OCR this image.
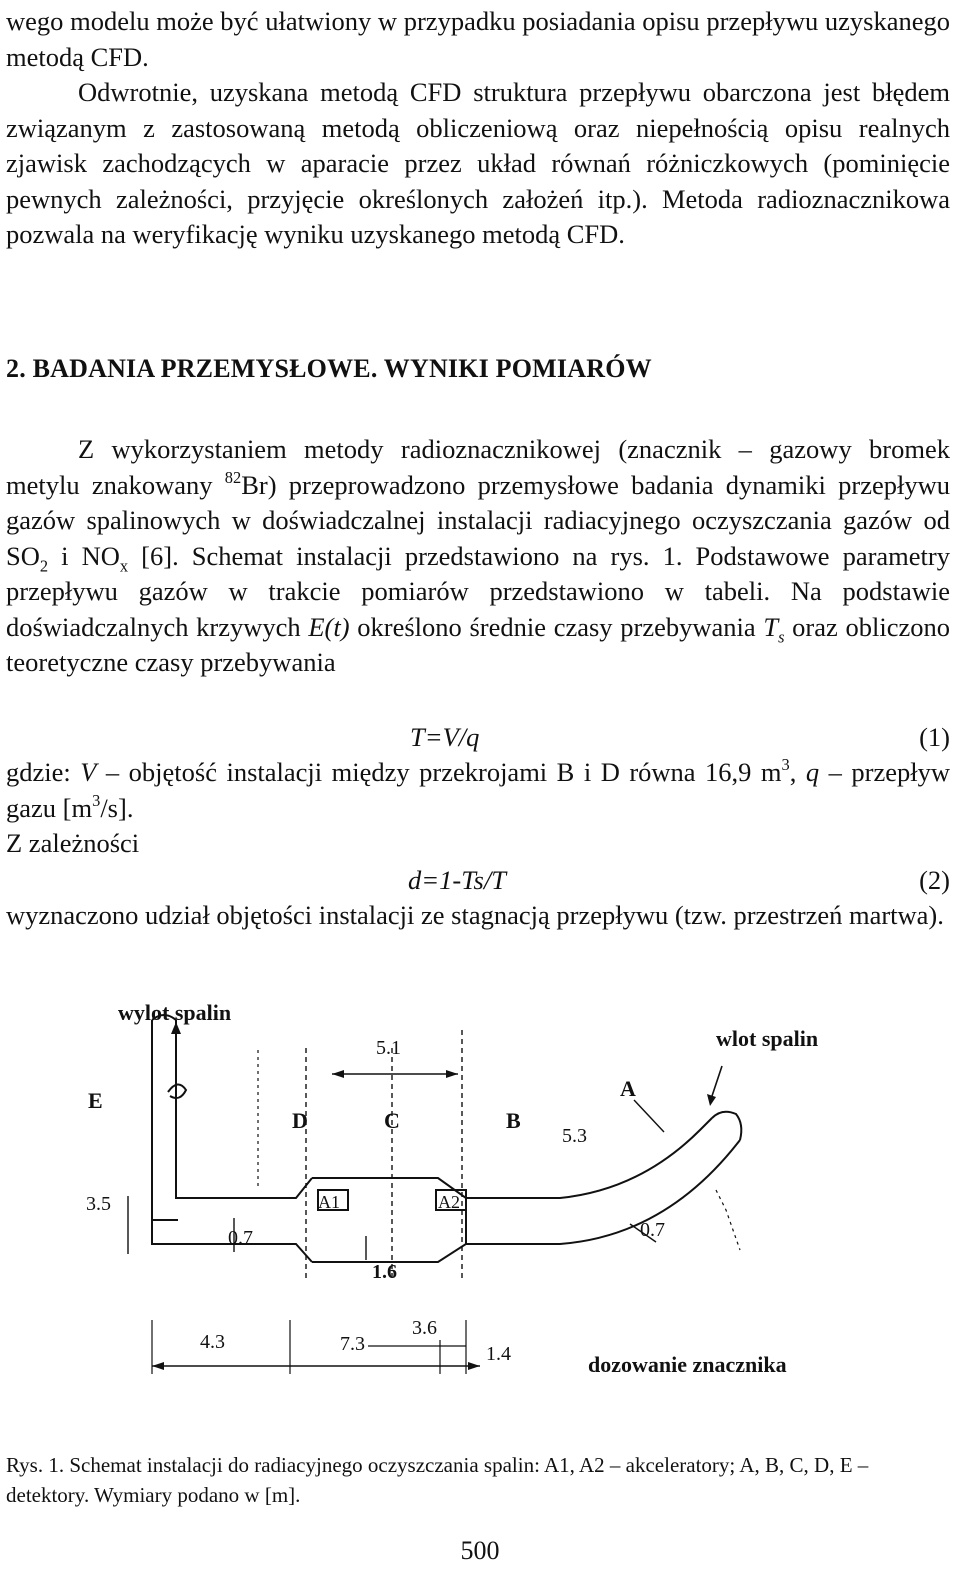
wego modelu może być ułatwiony w przypadku posiadania opisu przepływu uzyskanego metodą CFD.

Odwrotnie, uzyskana metodą CFD struktura przepływu obarczona jest błędem związanym z zastosowaną metodą obliczeniową oraz niepełnością opisu realnych zjawisk zachodzących w aparacie przez układ równań różniczkowych (pominięcie pewnych zależności, przyjęcie określonych założeń itp.). Metoda radioznacznikowa pozwala na weryfikację wyniku uzyskanego metodą CFD.

2. BADANIA PRZEMYSŁOWE. WYNIKI POMIARÓW

Z wykorzystaniem metody radioznacznikowej (znacznik – gazowy bromek metylu znakowany $^{82}$Br) przeprowadzono przemysłowe badania dynamiki przepływu gazów spalinowych w doświadczalnej instalacji radiacyjnego oczyszczania gazów od $SO_2$ i $NO_x$ [6]. Schemat instalacji przedstawiono na rys. 1. Podstawowe parametry przepływu gazów w trakcie pomiarów przedstawiono w tabeli. Na podstawie doświadczalnych krzywych E(t) określono średnie czasy przebywania $T_s$ oraz obliczono teoretyczne czasy przebywania

T=V/q	(1)

gdzie: V – objętość instalacji między przekrojami B i D równa 16,9 $m^3$, q – przepływ gazu $[m^3/s]$.

Z zależności

d=1-Ts/T	(2)

wyznaczono udział objętości instalacji ze stagnacją przepływu (tzw. przestrzeń martwa).

wylot spalin
wlot spalin
dozowanie znacznika
E
D	C	B
A
A1	A2
5.1
5.3
3.5
0.7
1.6
0.7
4.3	7.3
3.6
1.4

Rys. 1. Schemat instalacji do radiacyjnego oczyszczania spalin: A1, A2 – akceleratory; A, B, C, D, E – detektory. Wymiary podano w [m].

500
